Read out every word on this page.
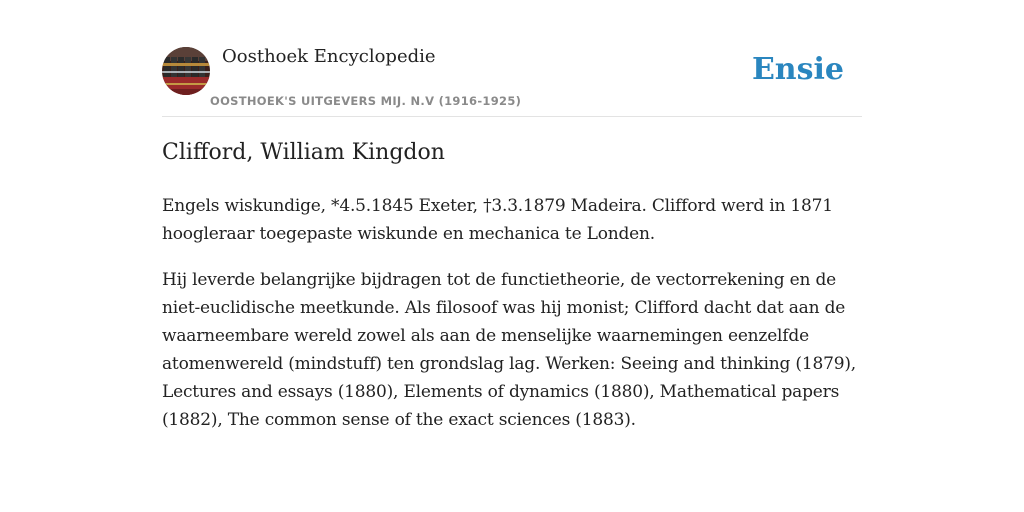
Oosthoek Encyclopedie
OOSTHOEK'S UITGEVERS MIJ. N.V (1916-1925)
Ensie
Clifford, William Kingdon

Engels wiskundige, *4.5.1845 Exeter, †3.3.1879 Madeira. Clifford werd in 1871 hoogleraar toegepaste wiskunde en mechanica te Londen.

Hij leverde belangrijke bijdragen tot de functietheorie, de vectorrekening en de niet-euclidische meetkunde. Als filosoof was hij monist; Clifford dacht dat aan de waarneembare wereld zowel als aan de menselijke waarnemingen eenzelfde atomenwereld (mindstuff) ten grondslag lag. Werken: Seeing and thinking (1879), Lectures and essays (1880), Elements of dynamics (1880), Mathematical papers (1882), The common sense of the exact sciences (1883).
